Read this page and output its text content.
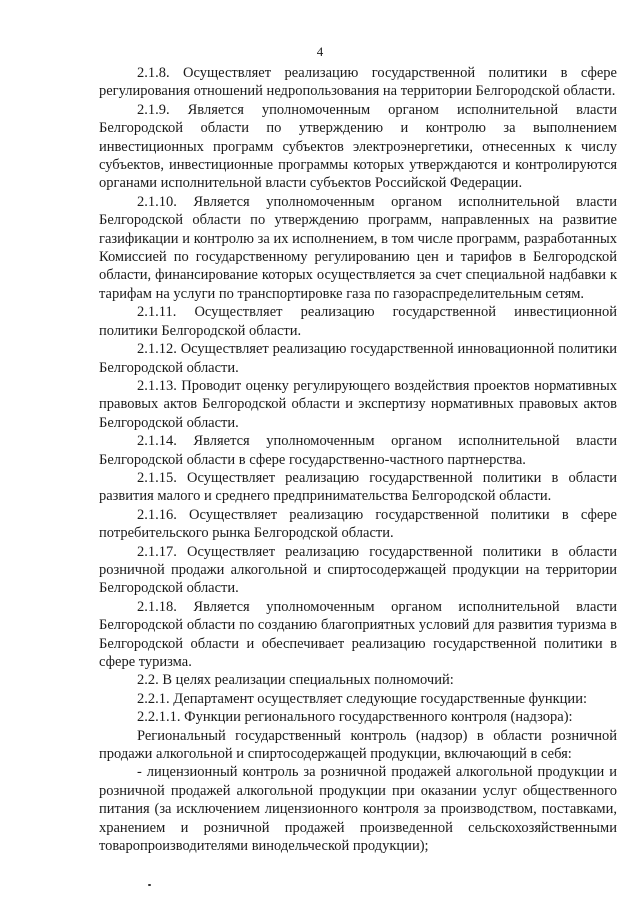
4

2.1.8. Осуществляет реализацию государственной политики в сфере регулирования отношений недропользования на территории Белгородской области.

2.1.9. Является уполномоченным органом исполнительной власти Белгородской области по утверждению и контролю за выполнением инвестиционных программ субъектов электроэнергетики, отнесенных к числу субъектов, инвестиционные программы которых утверждаются и контролируются органами исполнительной власти субъектов Российской Федерации.

2.1.10. Является уполномоченным органом исполнительной власти Белгородской области по утверждению программ, направленных на развитие газификации и контролю за их исполнением, в том числе программ, разработанных Комиссией по государственному регулированию цен и тарифов в Белгородской области, финансирование которых осуществляется за счет специальной надбавки к тарифам на услуги по транспортировке газа по газораспределительным сетям.

2.1.11. Осуществляет реализацию государственной инвестиционной политики Белгородской области.

2.1.12. Осуществляет реализацию государственной инновационной политики Белгородской области.

2.1.13. Проводит оценку регулирующего воздействия проектов нормативных правовых актов Белгородской области и экспертизу нормативных правовых актов Белгородской области.

2.1.14. Является уполномоченным органом исполнительной власти Белгородской области в сфере государственно-частного партнерства.

2.1.15. Осуществляет реализацию государственной политики в области развития малого и среднего предпринимательства Белгородской области.

2.1.16. Осуществляет реализацию государственной политики в сфере потребительского рынка Белгородской области.

2.1.17. Осуществляет реализацию государственной политики в области розничной продажи алкогольной и спиртосодержащей продукции на территории Белгородской области.

2.1.18. Является уполномоченным органом исполнительной власти Белгородской области по созданию благоприятных условий для развития туризма в Белгородской области и обеспечивает реализацию государственной политики в сфере туризма.

2.2. В целях реализации специальных полномочий:

2.2.1. Департамент осуществляет следующие государственные функции:

2.2.1.1. Функции регионального государственного контроля (надзора):

Региональный государственный контроль (надзор) в области розничной продажи алкогольной и спиртосодержащей продукции, включающий в себя:

- лицензионный контроль за розничной продажей алкогольной продукции и розничной продажей алкогольной продукции при оказании услуг общественного питания (за исключением лицензионного контроля за производством, поставками, хранением и розничной продажей произведенной сельскохозяйственными товаропроизводителями винодельческой продукции);
